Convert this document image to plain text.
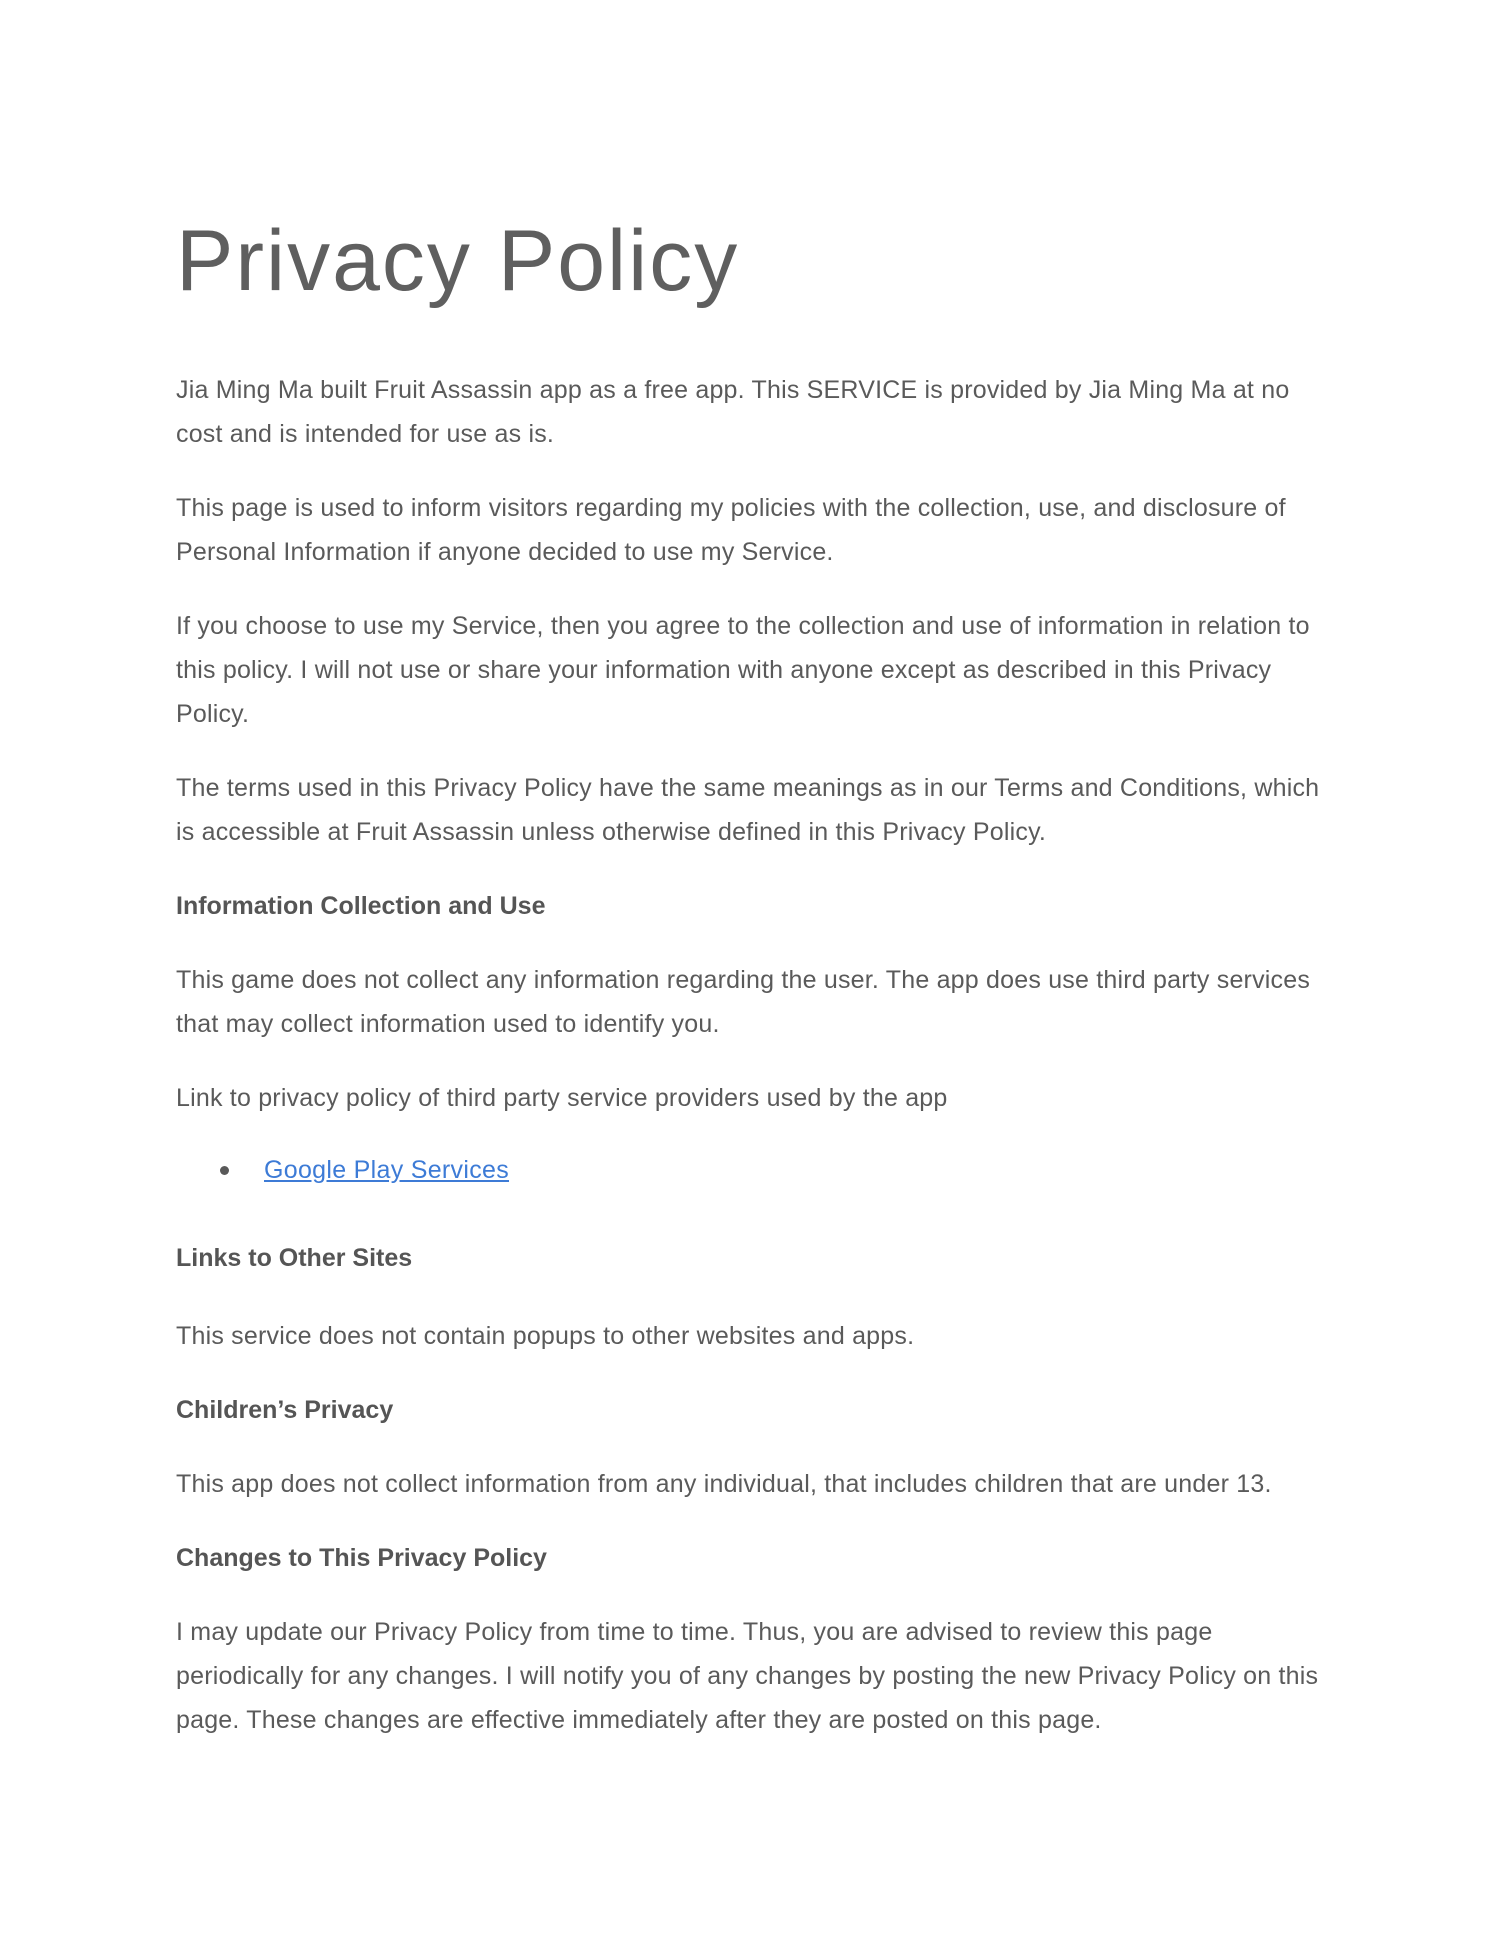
Privacy Policy

Jia Ming Ma built Fruit Assassin app as a free app. This SERVICE is provided by Jia Ming Ma at no cost and is intended for use as is.

This page is used to inform visitors regarding my policies with the collection, use, and disclosure of Personal Information if anyone decided to use my Service.

If you choose to use my Service, then you agree to the collection and use of information in relation to this policy. I will not use or share your information with anyone except as described in this Privacy Policy.

The terms used in this Privacy Policy have the same meanings as in our Terms and Conditions, which is accessible at Fruit Assassin unless otherwise defined in this Privacy Policy.

Information Collection and Use

This game does not collect any information regarding the user. The app does use third party services that may collect information used to identify you.

Link to privacy policy of third party service providers used by the app

Google Play Services
Links to Other Sites

This service does not contain popups to other websites and apps.

Children’s Privacy

This app does not collect information from any individual, that includes children that are under 13.

Changes to This Privacy Policy

I may update our Privacy Policy from time to time. Thus, you are advised to review this page periodically for any changes. I will notify you of any changes by posting the new Privacy Policy on this page. These changes are effective immediately after they are posted on this page.
